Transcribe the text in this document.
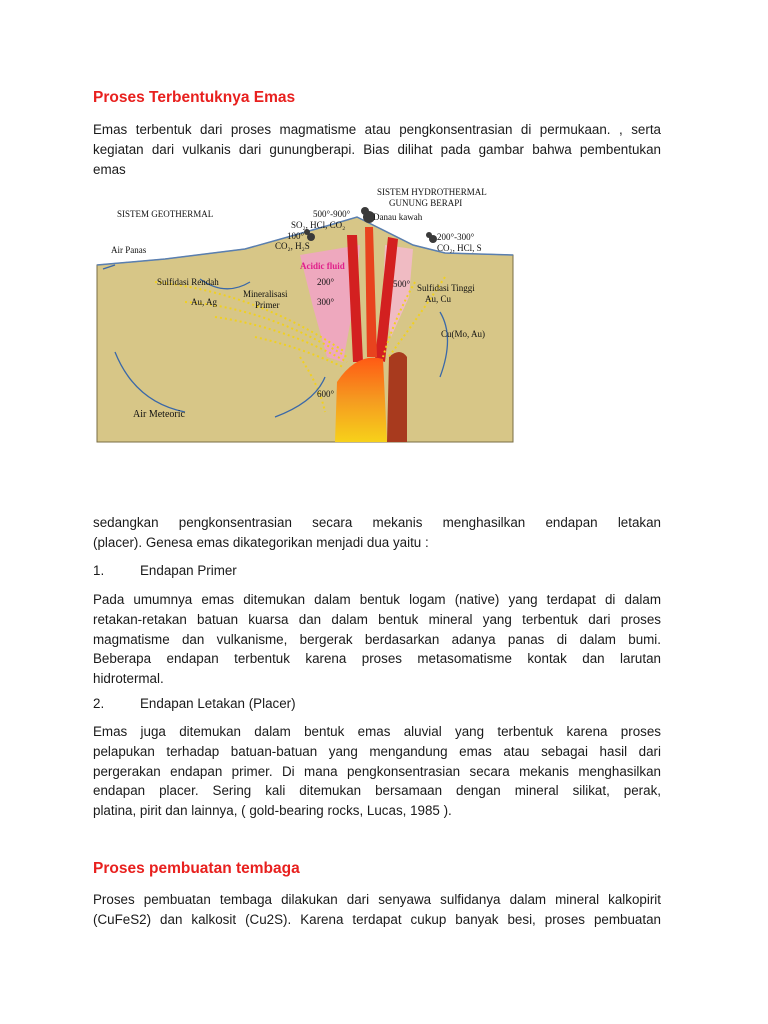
Proses Terbentuknya Emas
Emas terbentuk dari proses magmatisme atau pengkonsentrasian di permukaan. , serta
kegiatan dari vulkanis dari gunungberapi. Bias dilihat pada gambar bahwa pembentukan
emas
SISTEM GEOTHERMAL
SISTEM HYDROTHERMAL
GUNUNG BERAPI
500°-900°
SO₂, HCl, CO₂
Danau kawah
100°
CO₂, H₂S
200°-300°
CO₂, HCl, S
Air Panas
Acidic fluid
Sulfidasi Rendah
Au, Ag
Mineralisasi
Primer
200°
300°
500°
600°
Sulfidasi Tinggi
Au, Cu
Cu(Mo, Au)
Air Meteoric
sedangkan pengkonsentrasian secara mekanis menghasilkan endapan letakan
(placer). Genesa emas dikategorikan menjadi dua yaitu :
1.	Endapan Primer
Pada umumnya emas ditemukan dalam bentuk logam (native) yang terdapat di dalam
retakan-retakan batuan kuarsa dan dalam bentuk mineral yang terbentuk dari proses
magmatisme dan vulkanisme, bergerak berdasarkan adanya panas di dalam bumi.
Beberapa endapan terbentuk karena proses metasomatisme kontak dan larutan
hidrotermal.
2.	Endapan Letakan (Placer)
Emas juga ditemukan dalam bentuk emas aluvial yang terbentuk karena proses
pelapukan terhadap batuan-batuan yang mengandung emas atau sebagai hasil dari
pergerakan endapan primer. Di mana pengkonsentrasian secara mekanis menghasilkan
endapan placer. Sering kali ditemukan bersamaan dengan mineral silikat, perak,
platina, pirit dan lainnya, ( gold-bearing rocks, Lucas, 1985 ).
Proses pembuatan tembaga
Proses pembuatan tembaga dilakukan dari senyawa sulfidanya dalam mineral kalkopirit
(CuFeS2) dan kalkosit (Cu2S). Karena terdapat cukup banyak besi, proses pembuatan
